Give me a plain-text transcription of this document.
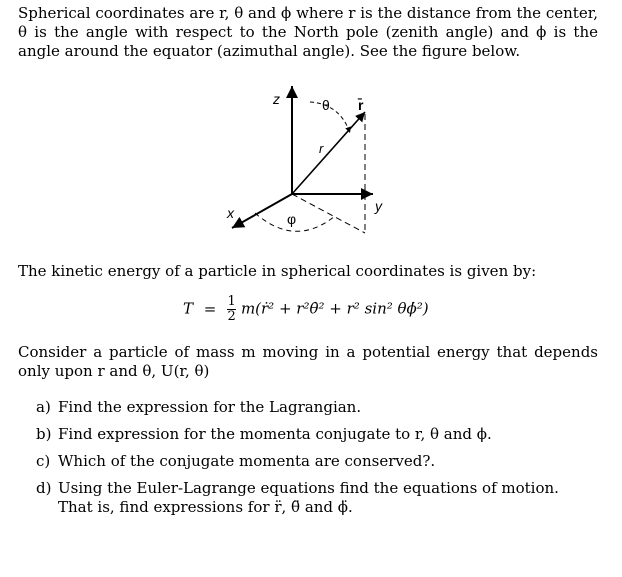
Spherical coordinates are r, θ and ϕ where r is the distance from the center, θ is the angle with respect to the North pole (zenith angle) and ϕ is the angle around the equator (azimuthal angle). See the figure below.
z	θ r̄
r
x	φ
y
The kinetic energy of a particle in spherical coordinates is given by:
$T = \frac{1}{2}$ m(ṙ² + r²θ̇² + r² sin² θϕ̇²)
Consider a particle of mass m moving in a potential energy that depends only upon r and θ, U(r, θ)
a) Find the expression for the Lagrangian.
b) Find expression for the momenta conjugate to r, θ and ϕ.
c) Which of the conjugate momenta are conserved?.
d) Using the Euler-Lagrange equations find the equations of motion. That is, find expressions for r̈, θ̈ and ϕ̈.
